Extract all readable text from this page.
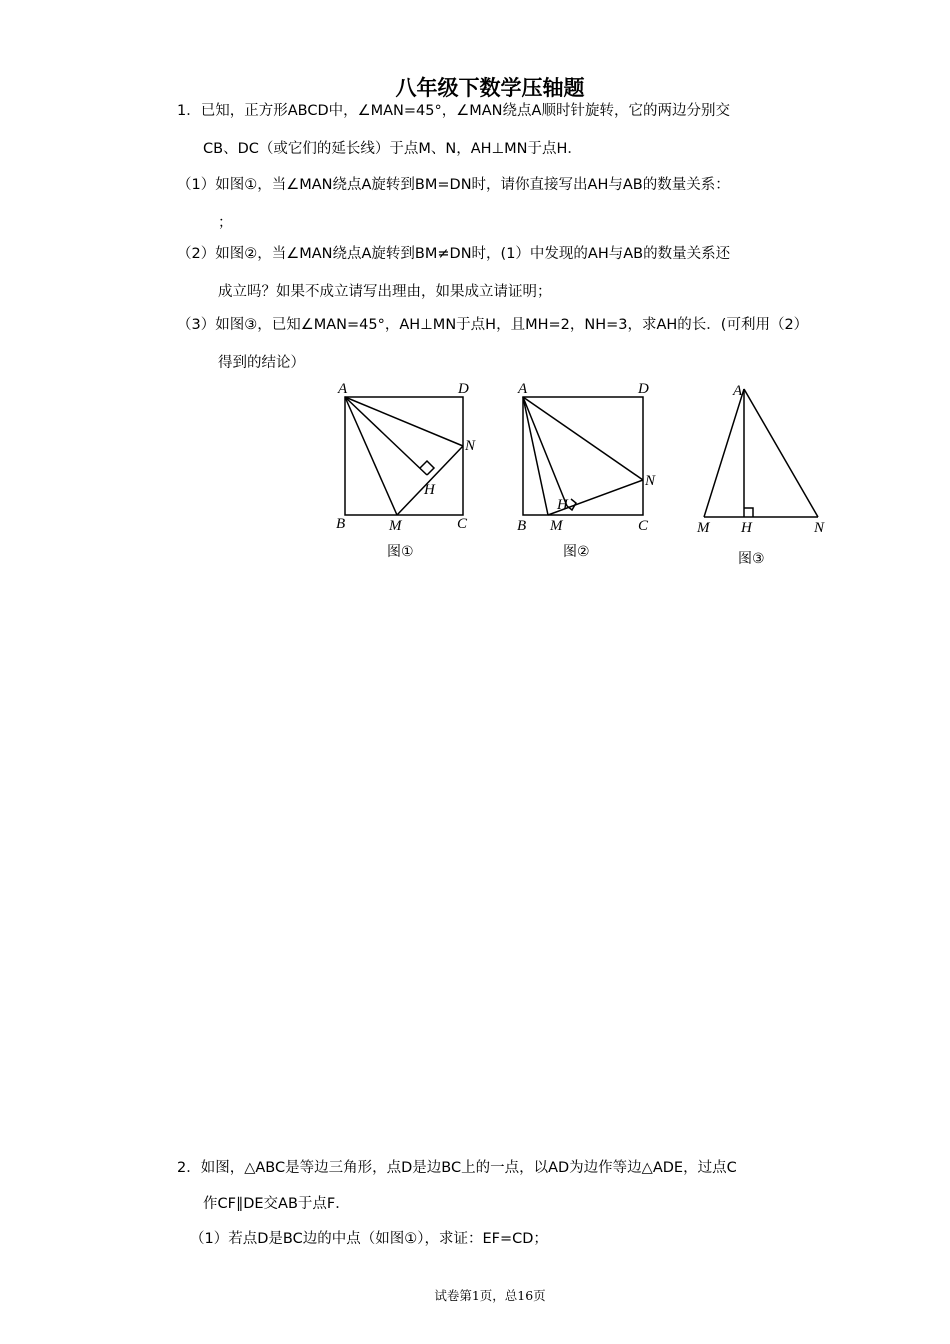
八年级下数学压轴题
1．已知，正方形ABCD中，∠MAN=45°，∠MAN绕点A顺时针旋转，它的两边分别交
CB、DC（或它们的延长线）于点M、N，AH⊥MN于点H．
（1）如图①，当∠MAN绕点A旋转到BM=DN时，请你直接写出AH与AB的数量关系：
；
（2）如图②，当∠MAN绕点A旋转到BM≠DN时，(1）中发现的AH与AB的数量关系还
成立吗？如果不成立请写出理由，如果成立请证明；
（3）如图③，已知∠MAN=45°，AH⊥MN于点H，且MH=2，NH=3，求AH的长．(可利用（2）
得到的结论）
A	D
N
H
B	M	C
图①
A	D
N
H
B M	C
图②
A
M H	N
图③
2．如图，△ABC是等边三角形，点D是边BC上的一点，以AD为边作等边△ADE，过点C
作CF∥DE交AB于点F．
（1）若点D是BC边的中点（如图①），求证：EF=CD；
试卷第1页，总16页
